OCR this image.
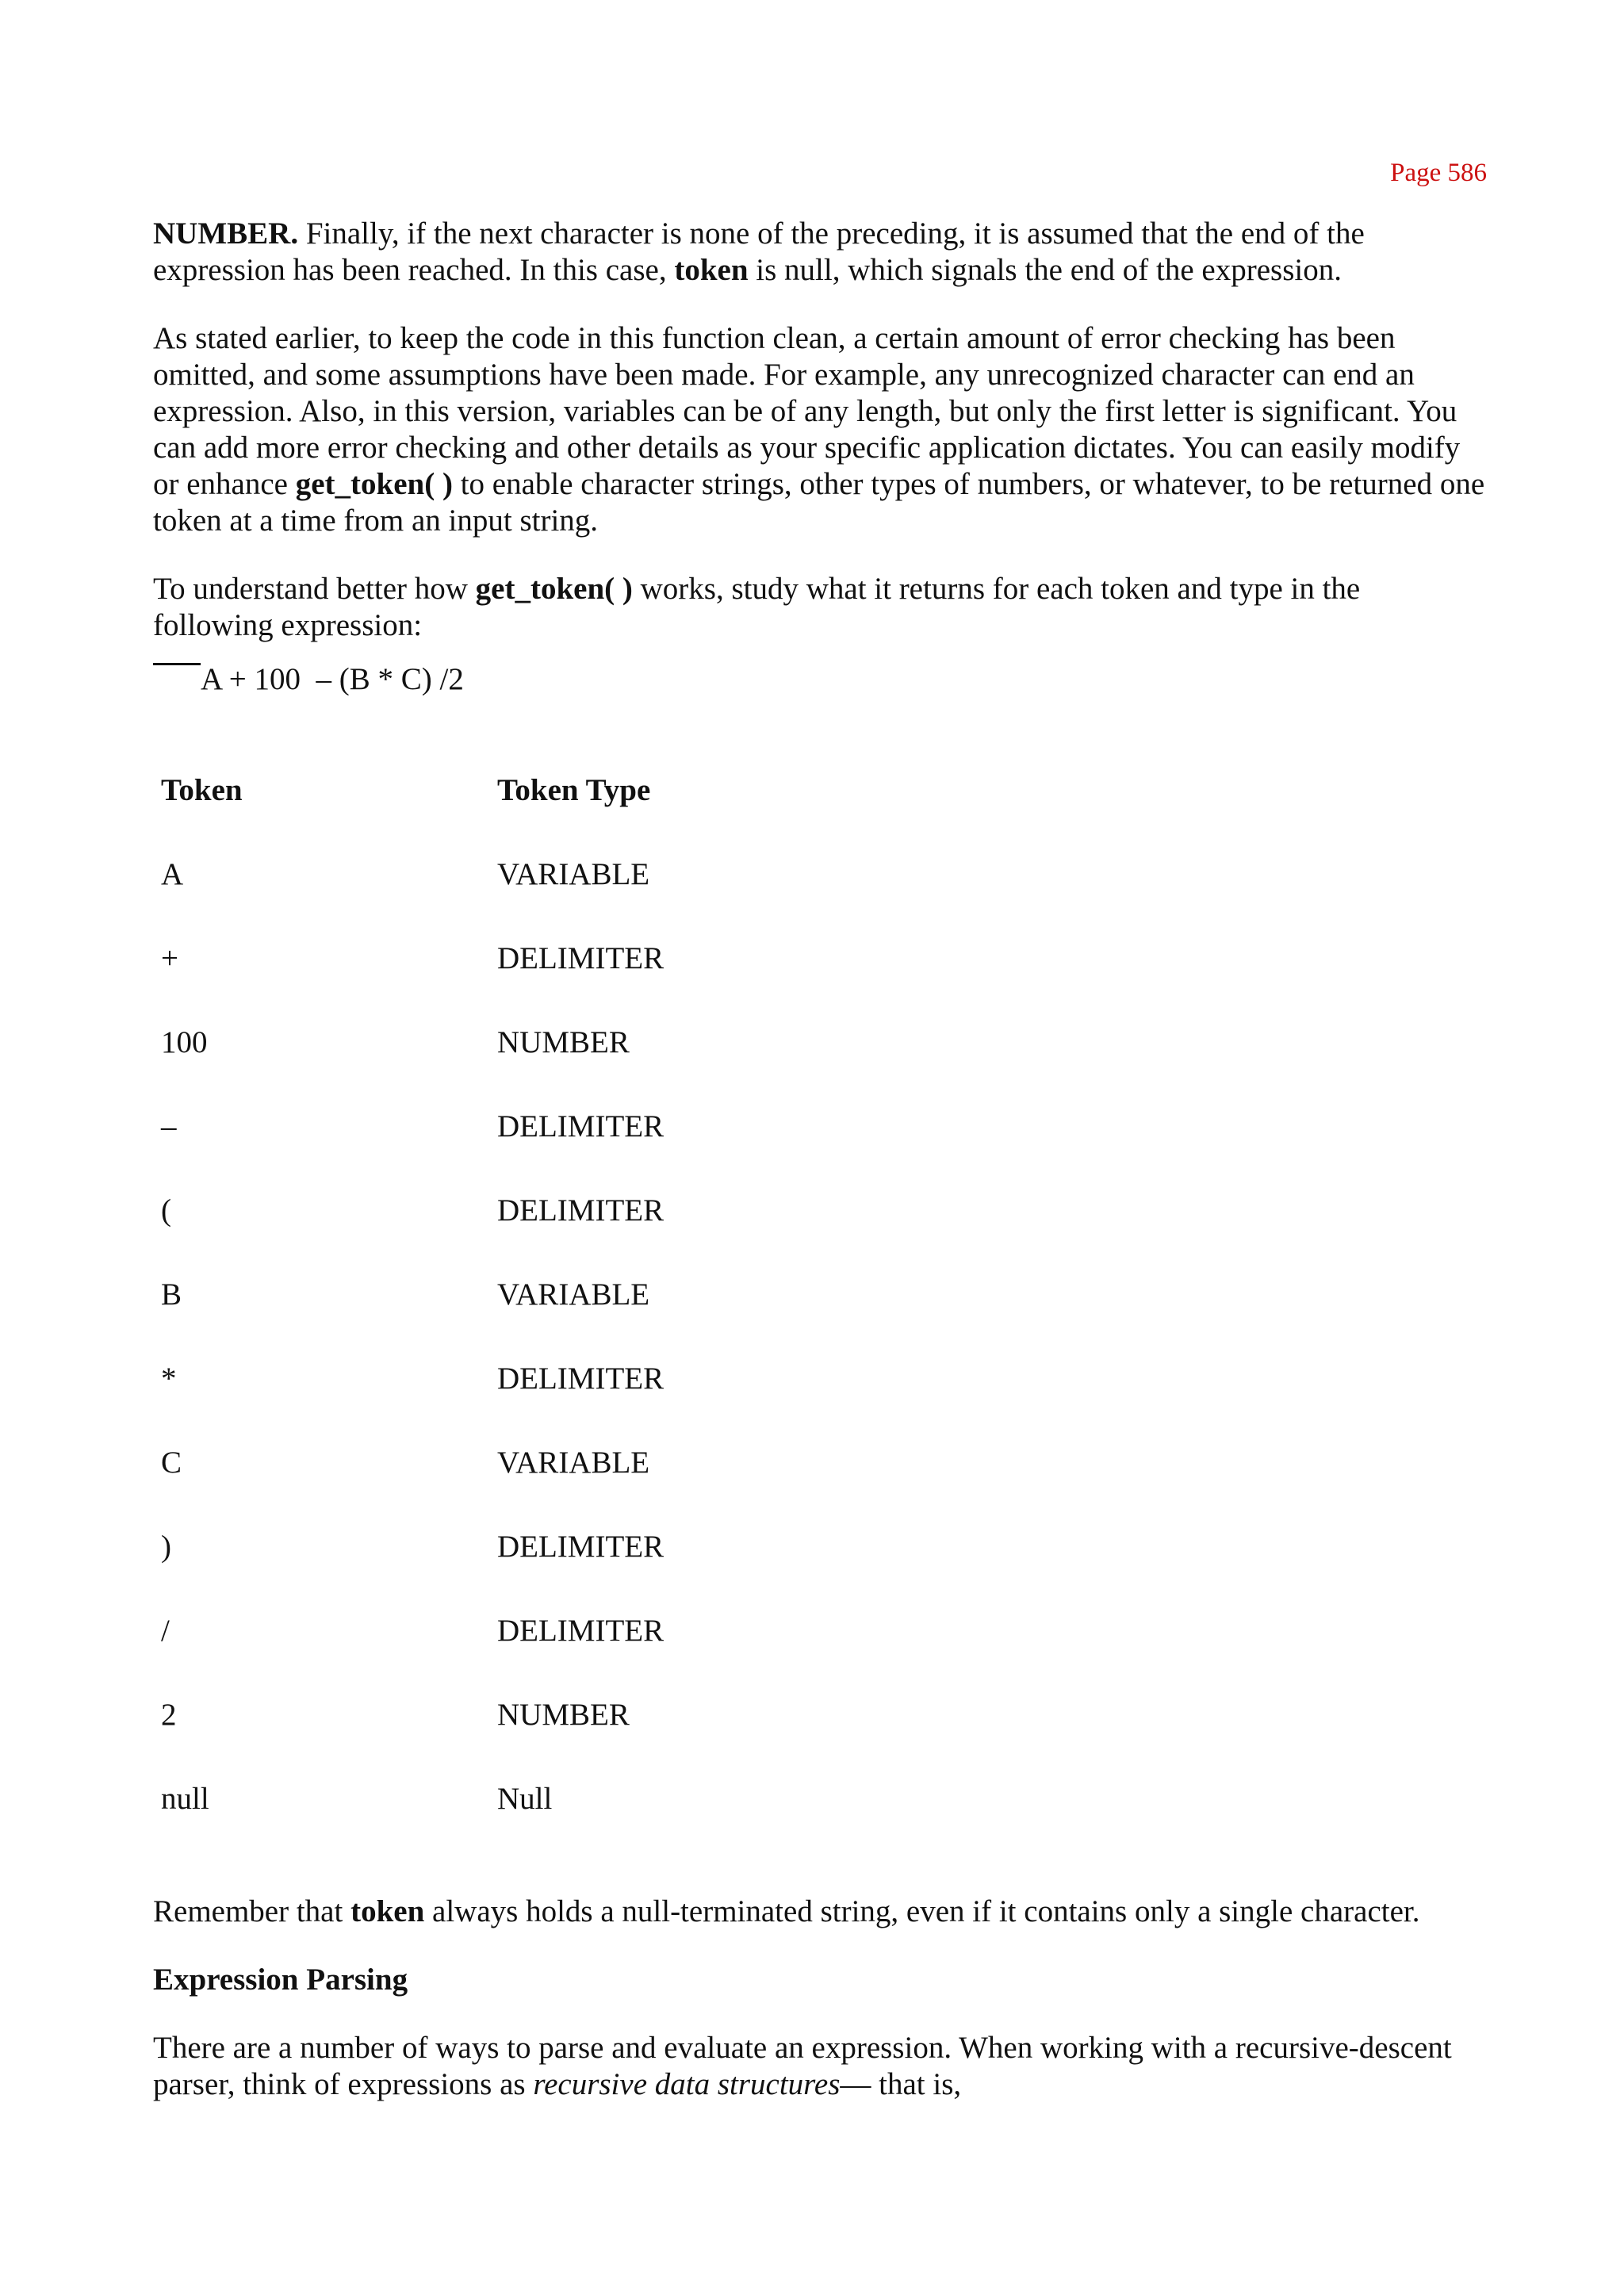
Page 586

NUMBER. Finally, if the next character is none of the preceding, it is assumed that the end of the expression has been reached. In this case, token is null, which signals the end of the expression.

As stated earlier, to keep the code in this function clean, a certain amount of error checking has been omitted, and some assumptions have been made. For example, any unrecognized character can end an expression. Also, in this version, variables can be of any length, but only the first letter is significant. You can add more error checking and other details as your specific application dictates. You can easily modify or enhance get_token( ) to enable character strings, other types of numbers, or whatever, to be returned one token at a time from an input string.

To understand better how get_token( ) works, study what it returns for each token and type in the following expression:

A + 100  – (B * C) /2
Token	Token Type
A	VARIABLE
+	DELIMITER
100	NUMBER
–	DELIMITER
(	DELIMITER
B	VARIABLE
*	DELIMITER
C	VARIABLE
)	DELIMITER
/	DELIMITER
2	NUMBER
null	Null

Remember that token always holds a null-terminated string, even if it contains only a single character.

Expression Parsing

There are a number of ways to parse and evaluate an expression. When working with a recursive-descent parser, think of expressions as recursive data structures— that is,
